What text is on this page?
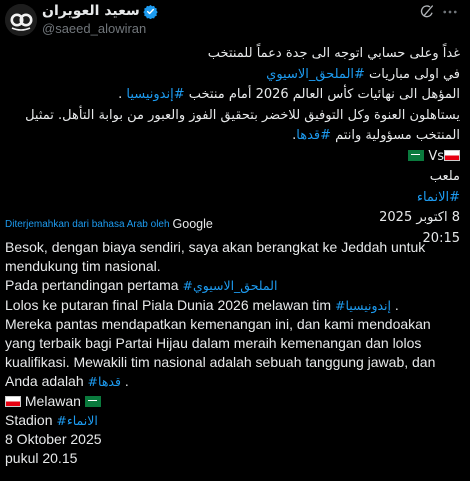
سعيد العويران
@saeed_alowiran

غداً وعلى حسابي اتوجه الى جدة دعماً للمنتخب

في اولى مباريات #الملحق_الاسيوي

المؤهل الى نهائيات كأس العالم 2026 أمام منتخب #إندونيسيا .

يستاهلون العنوة وكل التوفيق للاخضر بتحقيق الفوز والعبور من بوابة التأهل. تمثيل

المنتخب مسؤولية وانتم #قدها.

Vs

ملعب

#الانماء

8 اكتوبر 2025

20:15

Diterjemahkan dari bahasa Arab oleh Google

Besok, dengan biaya sendiri, saya akan berangkat ke Jeddah untuk

mendukung tim nasional.

Pada pertandingan pertama #الملحق_الاسيوي

Lolos ke putaran final Piala Dunia 2026 melawan tim #إندونيسيا .

Mereka pantas mendapatkan kemenangan ini, dan kami mendoakan

yang terbaik bagi Partai Hijau dalam meraih kemenangan dan lolos

kualifikasi. Mewakili tim nasional adalah sebuah tanggung jawab, dan

Anda adalah #قدها .

Melawan

Stadion #الانماء

8 Oktober 2025

pukul 20.15
